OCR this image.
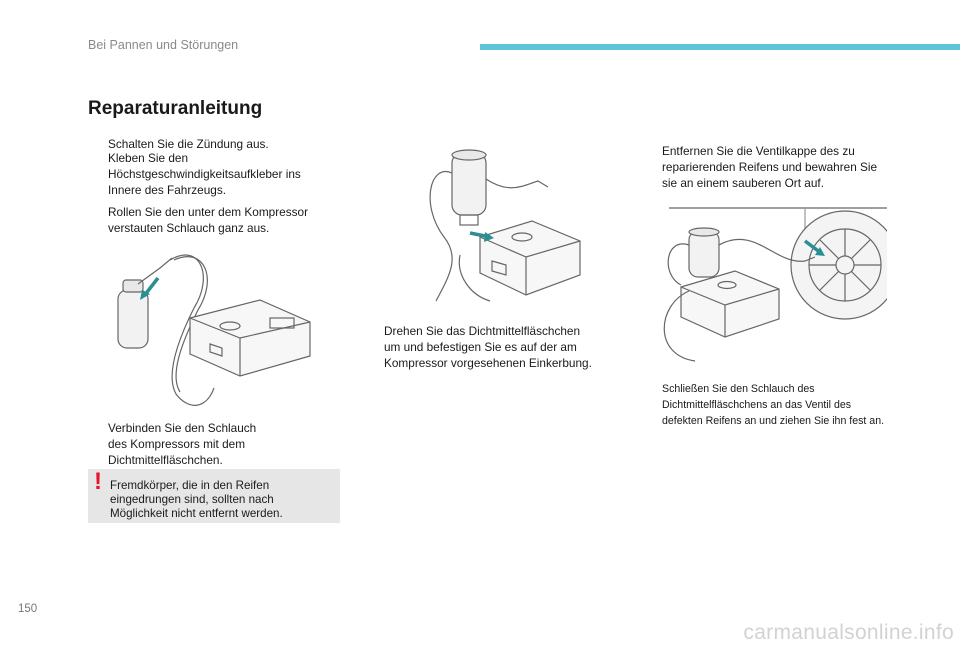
Bei Pannen und Störungen
Reparaturanleitung
Schalten Sie die Zündung aus.
Kleben Sie den
Höchstgeschwindigkeitsaufkleber ins
Innere des Fahrzeugs.
Rollen Sie den unter dem Kompressor
verstauten Schlauch ganz aus.
Verbinden Sie den Schlauch
des Kompressors mit dem
Dichtmittelfläschchen.
! Fremdkörper, die in den Reifen
eingedrungen sind, sollten nach
Möglichkeit nicht entfernt werden.
Drehen Sie das Dichtmittelfläschchen
um und befestigen Sie es auf der am
Kompressor vorgesehenen Einkerbung.
Entfernen Sie die Ventilkappe des zu
reparierenden Reifens und bewahren Sie
sie an einem sauberen Ort auf.
Schließen Sie den Schlauch des
Dichtmittelfläschchens an das Ventil des
defekten Reifens an und ziehen Sie ihn fest an.
150
carmanualsonline.info
